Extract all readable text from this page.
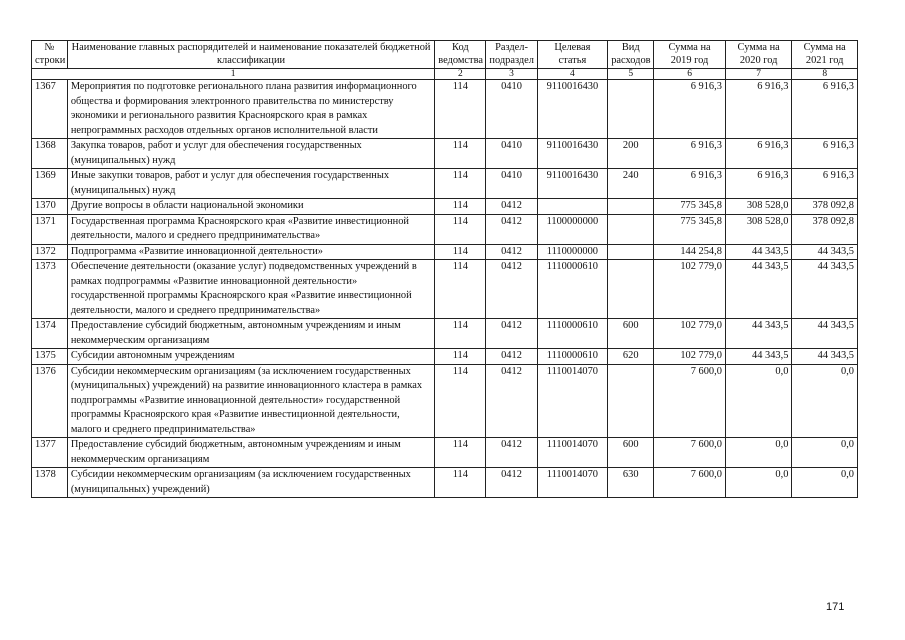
№ строки	Наименование главных распорядителей и наименование показателей бюджетной классификации	Код ведомства	Раздел-подраздел	Целевая статья	Вид расходов	Сумма на 2019 год	Сумма на 2020 год	Сумма на 2021 год
1		2	3	4	5	6	7	8
1367	Мероприятия по подготовке регионального плана развития информационного общества и формирования электронного правительства по министерству экономики и регионального развития Красноярского края в рамках непрограммных расходов отдельных органов исполнительной власти	114	0410	9110016430		6 916,3	6 916,3	6 916,3
1368	Закупка товаров, работ и услуг для обеспечения государственных (муниципальных) нужд	114	0410	9110016430	200	6 916,3	6 916,3	6 916,3
1369	Иные закупки товаров, работ и услуг для обеспечения государственных (муниципальных) нужд	114	0410	9110016430	240	6 916,3	6 916,3	6 916,3
1370	Другие вопросы в области национальной экономики	114	0412			775 345,8	308 528,0	378 092,8
1371	Государственная программа Красноярского края «Развитие инвестиционной деятельности, малого и среднего предпринимательства»	114	0412	1100000000		775 345,8	308 528,0	378 092,8
1372	Подпрограмма «Развитие инновационной деятельности»	114	0412	1110000000		144 254,8	44 343,5	44 343,5
1373	Обеспечение деятельности (оказание услуг) подведомственных учреждений в рамках подпрограммы «Развитие инновационной деятельности» государственной программы Красноярского края «Развитие инвестиционной деятельности, малого и среднего предпринимательства»	114	0412	1110000610		102 779,0	44 343,5	44 343,5
1374	Предоставление субсидий бюджетным, автономным учреждениям и иным некоммерческим организациям	114	0412	1110000610	600	102 779,0	44 343,5	44 343,5
1375	Субсидии автономным учреждениям	114	0412	1110000610	620	102 779,0	44 343,5	44 343,5
1376	Субсидии некоммерческим организациям (за исключением государственных (муниципальных) учреждений) на развитие инновационного кластера в рамках подпрограммы «Развитие инновационной деятельности» государственной программы Красноярского края «Развитие инвестиционной деятельности, малого и среднего предпринимательства»	114	0412	1110014070		7 600,0	0,0	0,0
1377	Предоставление субсидий бюджетным, автономным учреждениям и иным некоммерческим организациям	114	0412	1110014070	600	7 600,0	0,0	0,0
1378	Субсидии некоммерческим организациям (за исключением государственных (муниципальных) учреждений)	114	0412	1110014070	630	7 600,0	0,0	0,0
171
